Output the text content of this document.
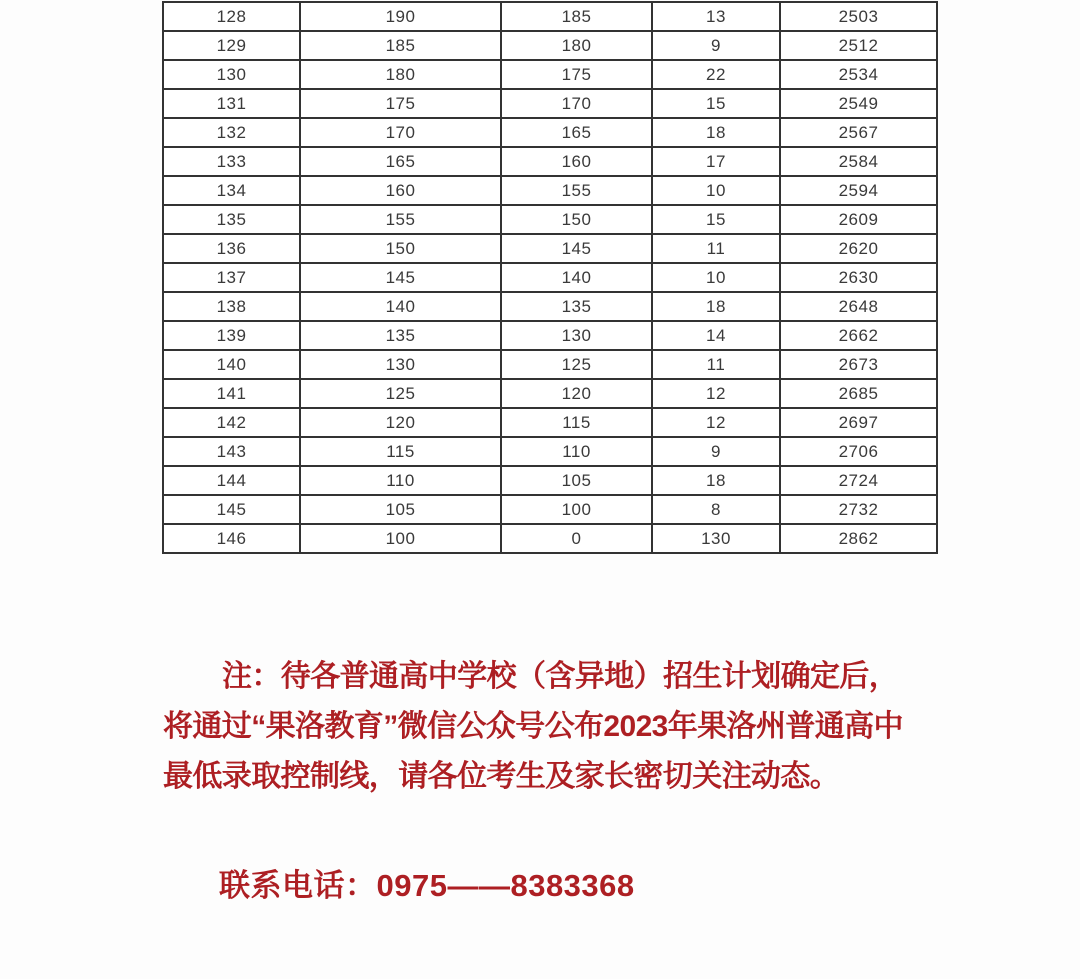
128	190	185	13	2503
129	185	180	9	2512
130	180	175	22	2534
131	175	170	15	2549
132	170	165	18	2567
133	165	160	17	2584
134	160	155	10	2594
135	155	150	15	2609
136	150	145	11	2620
137	145	140	10	2630
138	140	135	18	2648
139	135	130	14	2662
140	130	125	11	2673
141	125	120	12	2685
142	120	115	12	2697
143	115	110	9	2706
144	110	105	18	2724
145	105	100	8	2732
146	100	0	130	2862

注：待各普通高中学校（含异地）招生计划确定后，

将通过“果洛教育”微信公众号公布2023年果洛州普通高中

最低录取控制线，请各位考生及家长密切关注动态。

联系电话：0975——8383368
